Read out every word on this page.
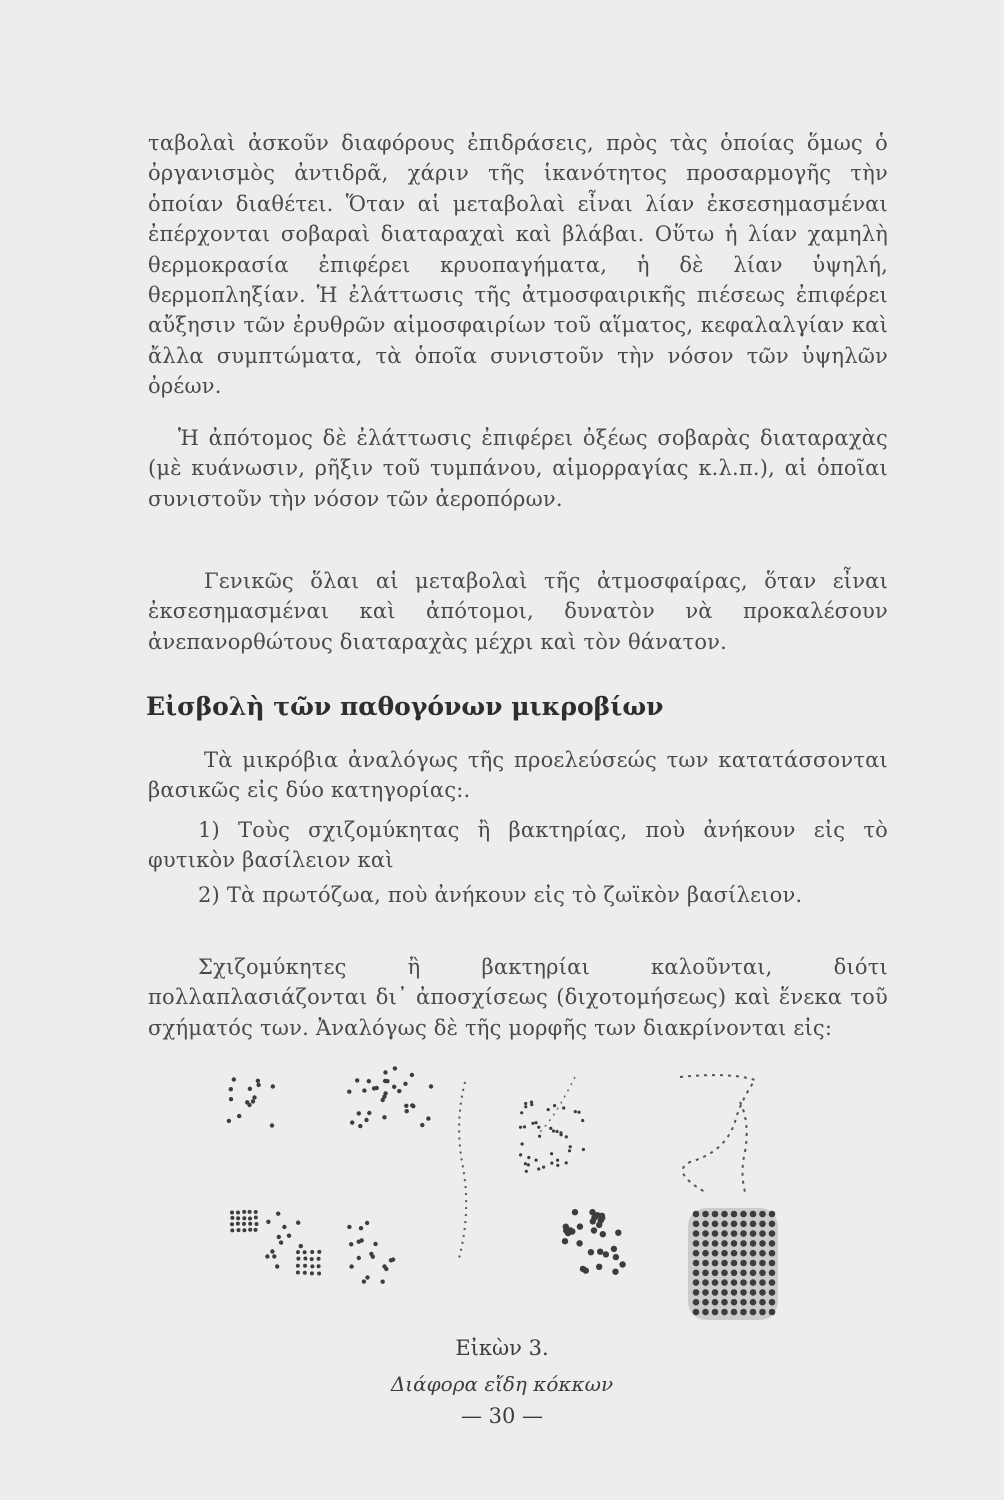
ταβολαὶ ἀσκοῦν διαφόρους ἐπιδράσεις, πρὸς τὰς ὁποίας ὅμως ὁ ὀργανισμὸς ἀντιδρᾶ, χάριν τῆς ἱκανότητος προσαρμογῆς τὴν ὁποίαν διαθέτει. Ὅταν αἱ μεταβολαὶ εἶναι λίαν ἐκσεσημασμέναι ἐπέρχονται σοβαραὶ διαταραχαὶ καὶ βλάβαι. Οὕτω ἡ λίαν χαμηλὴ θερμοκρασία ἐπιφέρει κρυοπαγήματα, ἡ δὲ λίαν ὑψηλή, θερμοπληξίαν. Ἡ ἐλάττωσις τῆς ἀτμοσφαιρικῆς πιέσεως ἐπιφέρει αὔξησιν τῶν ἐρυθρῶν αἱμοσφαιρίων τοῦ αἵματος, κεφαλαλγίαν καὶ ἄλλα συμπτώματα, τὰ ὁποῖα συνιστοῦν τὴν νόσον τῶν ὑψηλῶν ὀρέων.
Ἡ ἀπότομος δὲ ἐλάττωσις ἐπιφέρει ὀξέως σοβαρὰς διαταραχὰς (μὲ κυάνωσιν, ρῆξιν τοῦ τυμπάνου, αἱμορραγίας κ.λ.π.), αἱ ὁποῖαι συνιστοῦν τὴν νόσον τῶν ἀεροπόρων.
Γενικῶς ὅλαι αἱ μεταβολαὶ τῆς ἀτμοσφαίρας, ὅταν εἶναι ἐκσεσημασμέναι καὶ ἀπότομοι, δυνατὸν νὰ προκαλέσουν ἀνεπανορθώτους διαταραχὰς μέχρι καὶ τὸν θάνατον.
Εἰσβολὴ τῶν παθογόνων μικροβίων
Τὰ μικρόβια ἀναλόγως τῆς προελεύσεώς των κατατάσσονται βασικῶς εἰς δύο κατηγορίας:.
1) Τοὺς σχιζομύκητας ἢ βακτηρίας, ποὺ ἀνήκουν εἰς τὸ φυτικὸν βασίλειον καὶ
2) Τὰ πρωτόζωα, ποὺ ἀνήκουν εἰς τὸ ζωϊκὸν βασίλειον.
Σχιζομύκητες ἢ βακτηρίαι καλοῦνται, διότι πολλαπλασιάζονται δι᾽ ἀποσχίσεως (διχοτομήσεως) καὶ ἕνεκα τοῦ σχήματός των. Ἀναλόγως δὲ τῆς μορφῆς των διακρίνονται εἰς:
Εἰκὼν 3.
Διάφορα εἴδη κόκκων
— 30 —
